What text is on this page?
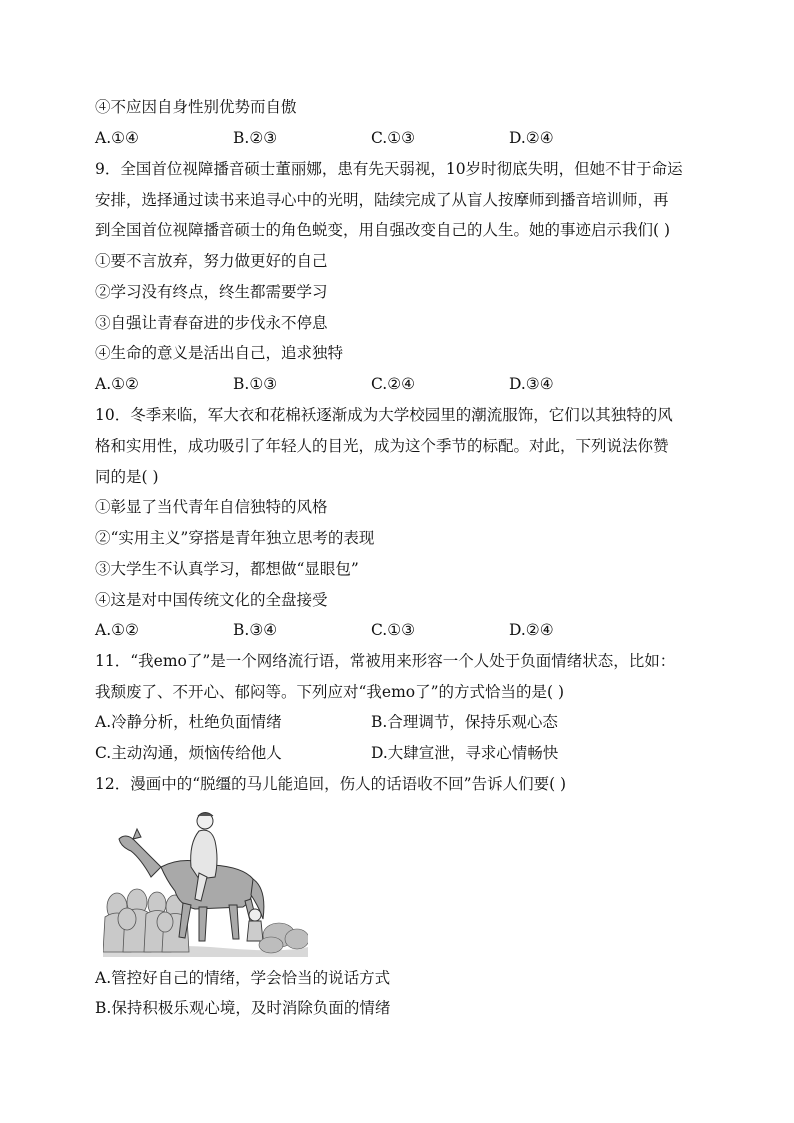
④不应因自身性别优势而自傲
A.①④	B.②③	C.①③	D.②④
9．全国首位视障播音硕士董丽娜，患有先天弱视，10岁时彻底失明，但她不甘于命运
安排，选择通过读书来追寻心中的光明，陆续完成了从盲人按摩师到播音培训师，再
到全国首位视障播音硕士的角色蜕变，用自强改变自己的人生。她的事迹启示我们( )
①要不言放弃，努力做更好的自己
②学习没有终点，终生都需要学习
③自强让青春奋进的步伐永不停息
④生命的意义是活出自己，追求独特
A.①②	B.①③	C.②④	D.③④
10．冬季来临，军大衣和花棉袄逐渐成为大学校园里的潮流服饰，它们以其独特的风
格和实用性，成功吸引了年轻人的目光，成为这个季节的标配。对此，下列说法你赞
同的是( )
①彰显了当代青年自信独特的风格
②“实用主义”穿搭是青年独立思考的表现
③大学生不认真学习，都想做“显眼包”
④这是对中国传统文化的全盘接受
A.①②	B.③④	C.①③	D.②④
11．“我emo了”是一个网络流行语，常被用来形容一个人处于负面情绪状态，比如：
我颓废了、不开心、郁闷等。下列应对“我emo了”的方式恰当的是( )
A.冷静分析，杜绝负面情绪	B.合理调节，保持乐观心态
C.主动沟通，烦恼传给他人	D.大肆宣泄，寻求心情畅快
12．漫画中的“脱缰的马儿能追回，伤人的话语收不回”告诉人们要( )
A.管控好自己的情绪，学会恰当的说话方式
B.保持积极乐观心境，及时消除负面的情绪
